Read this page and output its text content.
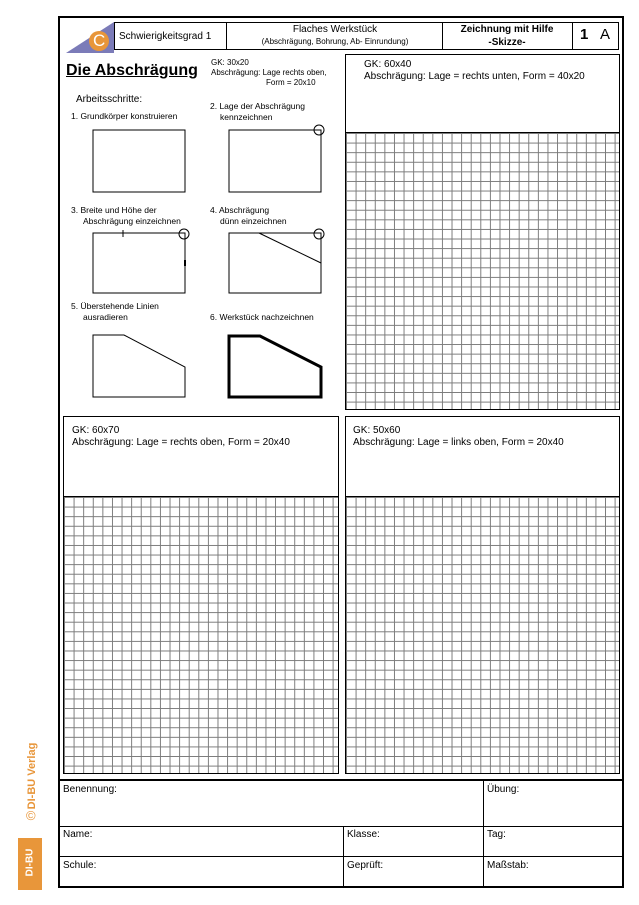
DI-BU Verlag
©
DI-BU
C Schwierigkeitsgrad 1
Flaches Werkstück
(Abschrägung, Bohrung, Ab- Einrundung)
Zeichnung mit Hilfe
-Skizze-	1 A
Die Abschrägung GK: 30x20
Abschrägung: Lage rechts oben,
Form = 20x10
Arbeitsschritte:
1. Grundkörper konstruieren
2. Lage der Abschrägung
kennzeichnen
3. Breite und Höhe der
Abschrägung einzeichnen
4. Abschrägung
dünn einzeichnen
5. Überstehende Linien
ausradieren	6. Werkstück nachzeichnen
GK: 60x40
Abschrägung: Lage = rechts unten, Form = 40x20
GK: 60x70
Abschrägung: Lage = rechts oben, Form = 20x40
GK: 50x60
Abschrägung: Lage = links oben, Form = 20x40
Benennung:	Übung:
Name:	Klasse:	Tag:
Schule:	Geprüft:	Maßstab:
